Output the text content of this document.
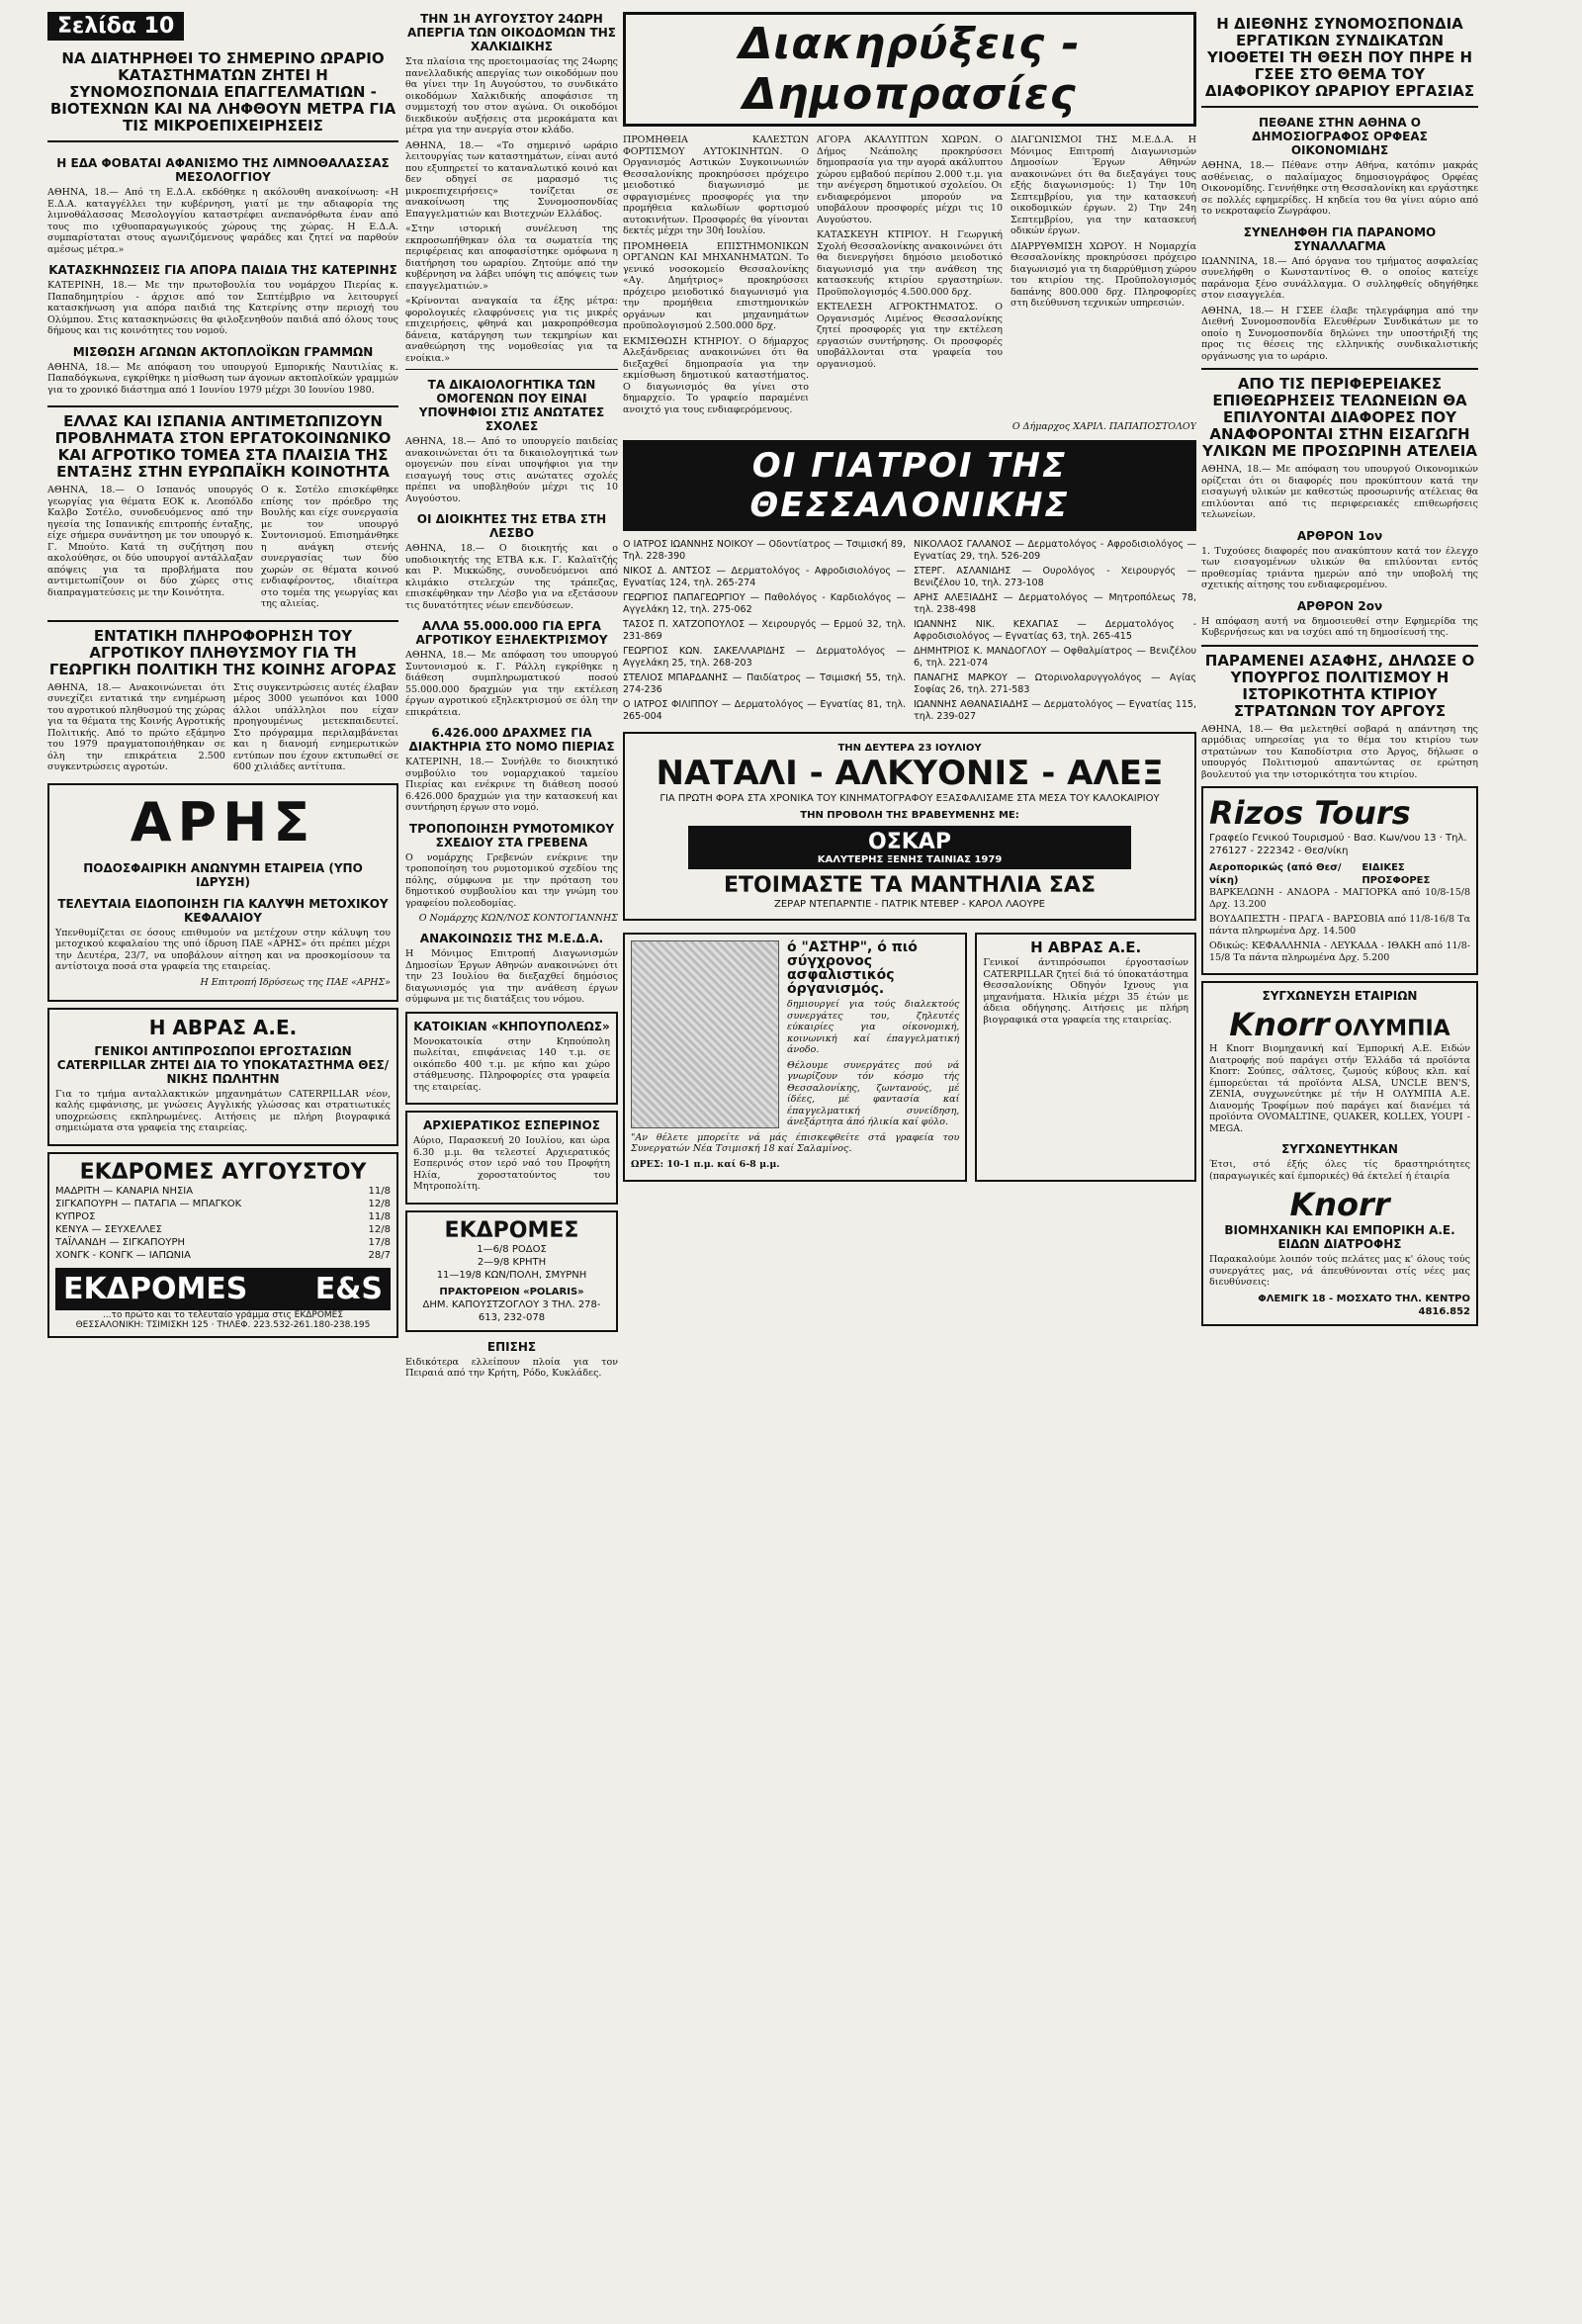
Σελίδα 10
ΝΑ ΔΙΑΤΗΡΗΘΕΙ ΤΟ ΣΗΜΕΡΙΝΟ ΩΡΑΡΙΟ ΚΑΤΑΣΤΗΜΑΤΩΝ ΖΗΤΕΙ Η ΣΥΝΟΜΟΣΠΟΝΔΙΑ ΕΠΑΓΓΕΛΜΑΤΙΩΝ - ΒΙΟΤΕΧΝΩΝ ΚΑΙ ΝΑ ΛΗΦΘΟΥΝ ΜΕΤΡΑ ΓΙΑ ΤΙΣ ΜΙΚΡΟΕΠΙΧΕΙΡΗΣΕΙΣ
Η ΕΔΑ ΦΟΒΑΤΑΙ ΑΦΑΝΙΣΜΟ ΤΗΣ ΛΙΜΝΟΘΑΛΑΣΣΑΣ ΜΕΣΟΛΟΓΓΙΟΥ

ΑΘΗΝΑ, 18.— Από τη Ε.Δ.Α. εκδόθηκε η ακόλουθη ανακοίνωση: «Η Ε.Δ.Α. καταγγέλλει την κυβέρνηση, γιατί με την αδιαφορία της λιμνοθάλασσας Μεσολογγίου καταστρέφει ανεπανόρθωτα έναν από τους πιο ιχθυοπαραγωγικούς χώρους της χώρας. Η Ε.Δ.Α. συμπαρίσταται στους αγωνιζόμενους ψαράδες και ζητεί να παρθούν αμέσως μέτρα.»

ΚΑΤΑΣΚΗΝΩΣΕΙΣ ΓΙΑ ΑΠΟΡΑ ΠΑΙΔΙΑ ΤΗΣ ΚΑΤΕΡΙΝΗΣ

ΚΑΤΕΡΙΝΗ, 18.— Με την πρωτοβουλία του νομάρχου Πιερίας κ. Παπαδημητρίου - άρχισε από τον Σεπτέμβριο να λειτουργεί κατασκήνωση για απόρα παιδιά της Κατερίνης στην περιοχή του Ολύμπου. Στις κατασκηνώσεις θα φιλοξενηθούν παιδιά από όλους τους δήμους και τις κοινότητες του νομού.

ΜΙΣΘΩΣΗ ΑΓΩΝΩΝ ΑΚΤΟΠΛΟΪΚΩΝ ΓΡΑΜΜΩΝ

ΑΘΗΝΑ, 18.— Με απόφαση του υπουργού Εμπορικής Ναυτιλίας κ. Παπαδόγκωνα, εγκρίθηκε η μίσθωση των άγονων ακτοπλοϊκών γραμμών για το χρονικό διάστημα από 1 Ιουνίου 1979 μέχρι 30 Ιουνίου 1980.

ΕΛΛΑΣ ΚΑΙ ΙΣΠΑΝΙΑ ΑΝΤΙΜΕΤΩΠΙΖΟΥΝ ΠΡΟΒΛΗΜΑΤΑ ΣΤΟΝ ΕΡΓΑΤΟΚΟΙΝΩΝΙΚΟ ΚΑΙ ΑΓΡΟΤΙΚΟ ΤΟΜΕΑ ΣΤΑ ΠΛΑΙΣΙΑ ΤΗΣ ΕΝΤΑΞΗΣ ΣΤΗΝ ΕΥΡΩΠΑΪΚΗ ΚΟΙΝΟΤΗΤΑ

ΑΘΗΝΑ, 18.— Ο Ισπανός υπουργός γεωργίας για θέματα ΕΟΚ κ. Λεοπόλδο Καλβο Σοτέλο, συνοδευόμενος από την ηγεσία της Ισπανικής επιτροπής ένταξης, είχε σήμερα συνάντηση με τον υπουργό κ. Γ. Μπούτο. Κατά τη συζήτηση που ακολούθησε, οι δύο υπουργοί αντάλλαξαν απόψεις για τα προβλήματα που αντιμετωπίζουν οι δύο χώρες στις διαπραγματεύσεις με την Κοινότητα.

Ο κ. Σοτέλο επισκέφθηκε επίσης τον πρόεδρο της Βουλής και είχε συνεργασία με τον υπουργό Συντονισμού. Επισημάνθηκε η ανάγκη στενής συνεργασίας των δύο χωρών σε θέματα κοινού ενδιαφέροντος, ιδιαίτερα στο τομέα της γεωργίας και της αλιείας.

ΕΝΤΑΤΙΚΗ ΠΛΗΡΟΦΟΡΗΣΗ ΤΟΥ ΑΓΡΟΤΙΚΟΥ ΠΛΗΘΥΣΜΟΥ ΓΙΑ ΤΗ ΓΕΩΡΓΙΚΗ ΠΟΛΙΤΙΚΗ ΤΗΣ ΚΟΙΝΗΣ ΑΓΟΡΑΣ

ΑΘΗΝΑ, 18.— Ανακοινώνεται ότι συνεχίζει εντατικά την ενημέρωση του αγροτικού πληθυσμού της χώρας για τα θέματα της Κοινής Αγροτικής Πολιτικής. Από το πρώτο εξάμηνο του 1979 πραγματοποιήθηκαν σε όλη την επικράτεια 2.500 συγκεντρώσεις αγροτών.

Στις συγκεντρώσεις αυτές έλαβαν μέρος 3000 γεωπόνοι και 1000 άλλοι υπάλληλοι που είχαν προηγουμένως μετεκπαιδευτεί. Στο πρόγραμμα περιλαμβάνεται και η διανομή ενημερωτικών εντύπων που έχουν εκτυπωθεί σε 600 χιλιάδες αντίτυπα.

ΑΡΗΣ
ΠΟΔΟΣΦΑΙΡΙΚΗ ΑΝΩΝΥΜΗ ΕΤΑΙΡΕΙΑ (ΥΠΟ ΙΔΡΥΣΗ)
ΤΕΛΕΥΤΑΙΑ ΕΙΔΟΠΟΙΗΣΗ ΓΙΑ ΚΑΛΥΨΗ ΜΕΤΟΧΙΚΟΥ ΚΕΦΑΛΑΙΟΥ

Υπενθυμίζεται σε όσους επιθυμούν να μετέχουν στην κάλυψη του μετοχικού κεφαλαίου της υπό ίδρυση ΠΑΕ «ΑΡΗΣ» ότι πρέπει μέχρι την Δευτέρα, 23/7, να υποβάλουν αίτηση και να προσκομίσουν τα αντίστοιχα ποσά στα γραφεία της εταιρείας.

Η Επιτροπή Ιδρύσεως της ΠΑΕ «ΑΡΗΣ»

Η ΑΒΡΑΣ Α.Ε.
ΓΕΝΙΚΟΙ ΑΝΤΙΠΡΟΣΩΠΟΙ ΕΡΓΟΣΤΑΣΙΩΝ CATERPILLAR ΖΗΤΕΙ ΔΙΑ ΤΟ ΥΠΟΚΑΤΑΣΤΗΜΑ ΘΕΣ/ΝΙΚΗΣ ΠΩΛΗΤΗΝ

Για το τμήμα ανταλλακτικών μηχανημάτων CATERPILLAR νέον, καλής εμφάνισης, με γνώσεις Αγγλικής γλώσσας και στρατιωτικές υποχρεώσεις εκπληρωμένες. Αιτήσεις με πλήρη βιογραφικά σημειώματα στα γραφεία της εταιρείας.

ΕΚΔΡΟΜΕΣ ΑΥΓΟΥΣΤΟΥ
ΜΑΔΡΙΤΗ — ΚΑΝΑΡΙΑ ΝΗΣΙΑ	11/8
ΣΙΓΚΑΠΟΥΡΗ — ΠΑΤΑΓΙΑ — ΜΠΑΓΚΟΚ	12/8
ΚΥΠΡΟΣ	11/8
ΚΕΝΥΑ — ΣΕΥΧΕΛΛΕΣ	12/8
ΤΑΪΛΑΝΔΗ — ΣΙΓΚΑΠΟΥΡΗ	17/8
ΧΟΝΓΚ - ΚΟΝΓΚ — ΙΑΠΩΝΙΑ	28/7
ΕΚΔΡΟΜΕS E&S
...το πρώτο και το τελευταίο γράμμα στις ΕΚΔΡΟΜΕΣ
ΘΕΣΣΑΛΟΝΙΚΗ: ΤΣΙΜΙΣΚΗ 125 · ΤΗΛΕΦ. 223.532-261.180-238.195
ΤΗΝ 1Η ΑΥΓΟΥΣΤΟΥ 24ΩΡΗ ΑΠΕΡΓΙΑ ΤΩΝ ΟΙΚΟΔΟΜΩΝ ΤΗΣ ΧΑΛΚΙΔΙΚΗΣ

Στα πλαίσια της προετοιμασίας της 24ωρης πανελλαδικής απεργίας των οικοδόμων που θα γίνει την 1η Αυγούστου, το συνδικάτο οικοδόμων Χαλκιδικής αποφάσισε τη συμμετοχή του στον αγώνα. Οι οικοδόμοι διεκδικούν αυξήσεις στα μεροκάματα και μέτρα για την ανεργία στον κλάδο.

ΑΘΗΝΑ, 18.— «Το σημερινό ωράριο λειτουργίας των καταστημάτων, είναι αυτό που εξυπηρετεί το καταναλωτικό κοινό και δεν οδηγεί σε μαρασμό τις μικροεπιχειρήσεις» τονίζεται σε ανακοίνωση της Συνομοσπονδίας Επαγγελματιών και Βιοτεχνών Ελλάδος.

«Στην ιστορική συνέλευση της εκπροσωπήθηκαν όλα τα σωματεία της περιφέρειας και αποφασίστηκε ομόφωνα η διατήρηση του ωραρίου. Ζητούμε από την κυβέρνηση να λάβει υπόψη τις απόψεις των επαγγελματιών.»

«Κρίνονται αναγκαία τα έξης μέτρα: φορολογικές ελαφρύνσεις για τις μικρές επιχειρήσεις, φθηνά και μακροπρόθεσμα δάνεια, κατάργηση των τεκμηρίων και αναθεώρηση της νομοθεσίας για τα ενοίκια.»

ΤΑ ΔΙΚΑΙΟΛΟΓΗΤΙΚΑ ΤΩΝ ΟΜΟΓΕΝΩΝ ΠΟΥ ΕΙΝΑΙ ΥΠΟΨΗΦΙΟΙ ΣΤΙΣ ΑΝΩΤΑΤΕΣ ΣΧΟΛΕΣ

ΑΘΗΝΑ, 18.— Από το υπουργείο παιδείας ανακοινώνεται ότι τα δικαιολογητικά των ομογενών που είναι υποψήφιοι για την εισαγωγή τους στις ανώτατες σχολές πρέπει να υποβληθούν μέχρι τις 10 Αυγούστου.

ΟΙ ΔΙΟΙΚΗΤΕΣ ΤΗΣ ΕΤΒΑ ΣΤΗ ΛΕΣΒΟ

ΑΘΗΝΑ, 18.— Ο διοικητής και ο υποδιοικητής της ΕΤΒΑ κ.κ. Γ. Καλαϊτζής και Ρ. Μικκώδης, συνοδευόμενοι από κλιμάκιο στελεχών της τράπεζας, επισκέφθηκαν την Λέσβο για να εξετάσουν τις δυνατότητες νέων επενδύσεων.

ΑΛΛΑ 55.000.000 ΓΙΑ ΕΡΓΑ ΑΓΡΟΤΙΚΟΥ ΕΞΗΛΕΚΤΡΙΣΜΟΥ

ΑΘΗΝΑ, 18.— Με απόφαση του υπουργού Συντονισμού κ. Γ. Ράλλη εγκρίθηκε η διάθεση συμπληρωματικού ποσού 55.000.000 δραχμών για την εκτέλεση έργων αγροτικού εξηλεκτρισμού σε όλη την επικράτεια.

6.426.000 ΔΡΑΧΜΕΣ ΓΙΑ ΔΙΑΚΤΗΡΙΑ ΣΤΟ ΝΟΜΟ ΠΙΕΡΙΑΣ

ΚΑΤΕΡΙΝΗ, 18.— Συνήλθε το διοικητικό συμβούλιο του νομαρχιακού ταμείου Πιερίας και ενέκρινε τη διάθεση ποσού 6.426.000 δραχμών για την κατασκευή και συντήρηση έργων στο νομό.

ΤΡΟΠΟΠΟΙΗΣΗ ΡΥΜΟΤΟΜΙΚΟΥ ΣΧΕΔΙΟΥ ΣΤΑ ΓΡΕΒΕΝΑ

Ο νομάρχης Γρεβενών ενέκρινε την τροποποίηση του ρυμοτομικού σχεδίου της πόλης, σύμφωνα με την πρόταση του δημοτικού συμβουλίου και την γνώμη του γραφείου πολεοδομίας.

Ο Νομάρχης ΚΩΝ/ΝΟΣ ΚΟΝΤΟΓΙΑΝΝΗΣ

ΑΝΑΚΟΙΝΩΣΙΣ ΤΗΣ Μ.Ε.Δ.Α.

Η Μόνιμος Επιτροπή Διαγωνισμών Δημοσίων Έργων Αθηνών ανακοινώνει ότι την 23 Ιουλίου θα διεξαχθεί δημόσιος διαγωνισμός για την ανάθεση έργων σύμφωνα με τις διατάξεις του νόμου.

ΚΑΤΟΙΚΙΑΝ «ΚΗΠΟΥΠΟΛΕΩΣ»

Μονοκατοικία στην Κηπούπολη πωλείται, επιφάνειας 140 τ.μ. σε οικόπεδο 400 τ.μ. με κήπο και χώρο στάθμευσης. Πληροφορίες στα γραφεία της εταιρείας.

ΑΡΧΙΕΡΑΤΙΚΟΣ ΕΣΠΕΡΙΝΟΣ

Αύριο, Παρασκευή 20 Ιουλίου, και ώρα 6.30 μ.μ. θα τελεστεί Αρχιερατικός Εσπερινός στον ιερό ναό του Προφήτη Ηλία, χοροστατούντος του Μητροπολίτη.

ΕΚΔΡΟΜΕΣ
1—6/8 ΡΟΔΟΣ
2—9/8 ΚΡΗΤΗ
11—19/8 ΚΩΝ/ΠΟΛΗ, ΣΜΥΡΝΗ
ΠΡΑΚΤΟΡΕΙΟΝ «POLARIS»
ΔΗΜ. ΚΑΠΟΥΣΤΖΟΓΛΟΥ 3 ΤΗΛ. 278-613, 232-078
ΕΠΙΣΗΣ

Ειδικότερα ελλείπουν πλοία για τον Πειραιά από την Κρήτη, Ρόδο, Κυκλάδες.

Διακηρύξεις - Δημοπρασίες

ΠΡΟΜΗΘΕΙΑ ΚΑΛΕΣΤΩΝ ΦΟΡΤΙΣΜΟΥ ΑΥΤΟΚΙΝΗΤΩΝ. Ο Οργανισμός Αστικών Συγκοινωνιών Θεσσαλονίκης προκηρύσσει πρόχειρο μειοδοτικό διαγωνισμό με σφραγισμένες προσφορές για την προμήθεια καλωδίων φορτισμού αυτοκινήτων. Προσφορές θα γίνονται δεκτές μέχρι την 30ή Ιουλίου.

ΠΡΟΜΗΘΕΙΑ ΕΠΙΣΤΗΜΟΝΙΚΩΝ ΟΡΓΑΝΩΝ ΚΑΙ ΜΗΧΑΝΗΜΑΤΩΝ. Το γενικό νοσοκομείο Θεσσαλονίκης «Αγ. Δημήτριος» προκηρύσσει πρόχειρο μειοδοτικό διαγωνισμό για την προμήθεια επιστημονικών οργάνων και μηχανημάτων προϋπολογισμού 2.500.000 δρχ.

ΕΚΜΙΣΘΩΣΗ ΚΤΗΡΙΟΥ. Ο δήμαρχος Αλεξάνδρειας ανακοινώνει ότι θα διεξαχθεί δημοπρασία για την εκμίσθωση δημοτικού καταστήματος. Ο διαγωνισμός θα γίνει στο δημαρχείο. Το γραφείο παραμένει ανοιχτό για τους ενδιαφερόμενους.

ΑΓΟΡΑ ΑΚΑΛΥΠΤΩΝ ΧΩΡΩΝ. Ο Δήμος Νεάπολης προκηρύσσει δημοπρασία για την αγορά ακάλυπτου χώρου εμβαδού περίπου 2.000 τ.μ. για την ανέγερση δημοτικού σχολείου. Οι ενδιαφερόμενοι μπορούν να υποβάλουν προσφορές μέχρι τις 10 Αυγούστου.

ΚΑΤΑΣΚΕΥΗ ΚΤΙΡΙΟΥ. Η Γεωργική Σχολή Θεσσαλονίκης ανακοινώνει ότι θα διενεργήσει δημόσιο μειοδοτικό διαγωνισμό για την ανάθεση της κατασκευής κτιρίου εργαστηρίων. Προϋπολογισμός 4.500.000 δρχ.

ΕΚΤΕΛΕΣΗ ΑΓΡΟΚΤΗΜΑΤΟΣ. Ο Οργανισμός Λιμένος Θεσσαλονίκης ζητεί προσφορές για την εκτέλεση εργασιών συντήρησης. Οι προσφορές υποβάλλονται στα γραφεία του οργανισμού.

ΔΙΑΓΩΝΙΣΜΟΙ ΤΗΣ Μ.Ε.Δ.Α. Η Μόνιμος Επιτροπή Διαγωνισμών Δημοσίων Έργων Αθηνών ανακοινώνει ότι θα διεξαγάγει τους εξής διαγωνισμούς: 1) Την 10η Σεπτεμβρίου, για την κατασκευή οικοδομικών έργων. 2) Την 24η Σεπτεμβρίου, για την κατασκευή οδικών έργων.

ΔΙΑΡΡΥΘΜΙΣΗ ΧΩΡΟΥ. Η Νομαρχία Θεσσαλονίκης προκηρύσσει πρόχειρο διαγωνισμό για τη διαρρύθμιση χώρου του κτιρίου της. Προϋπολογισμός δαπάνης 800.000 δρχ. Πληροφορίες στη διεύθυνση τεχνικών υπηρεσιών.

Ο Δήμαρχος ΧΑΡΙΛ. ΠΑΠΑΠΟΣΤΟΛΟΥ

ΟΙ ΓΙΑΤΡΟΙ ΤΗΣ ΘΕΣΣΑΛΟΝΙΚΗΣ

Ο ΙΑΤΡΟΣ ΙΩΑΝΝΗΣ ΝΟΙΚΟΥ — Οδοντίατρος — Τσιμισκή 89, Τηλ. 228-390

ΝΙΚΟΣ Δ. ΑΝΤΣΟΣ — Δερματολόγος - Αφροδισιολόγος — Εγνατίας 124, τηλ. 265-274

ΓΕΩΡΓΙΟΣ ΠΑΠΑΓΕΩΡΓΙΟΥ — Παθολόγος - Καρδιολόγος — Αγγελάκη 12, τηλ. 275-062

ΤΑΣΟΣ Π. ΧΑΤΖΟΠΟΥΛΟΣ — Χειρουργός — Ερμού 32, τηλ. 231-869

ΓΕΩΡΓΙΟΣ ΚΩΝ. ΣΑΚΕΛΛΑΡΙΔΗΣ — Δερματολόγος — Αγγελάκη 25, τηλ. 268-203

ΣΤΕΛΙΟΣ ΜΠΑΡΔΑΝΗΣ — Παιδίατρος — Τσιμισκή 55, τηλ. 274-236

Ο ΙΑΤΡΟΣ ΦΙΛΙΠΠΟΥ — Δερματολόγος — Εγνατίας 81, τηλ. 265-004

ΝΙΚΟΛΑΟΣ ΓΑΛΑΝΟΣ — Δερματολόγος - Αφροδισιολόγος — Εγνατίας 29, τηλ. 526-209

ΣΤΕΡΓ. ΑΣΛΑΝΙΔΗΣ — Ουρολόγος - Χειρουργός — Βενιζέλου 10, τηλ. 273-108

ΑΡΗΣ ΑΛΕΞΙΑΔΗΣ — Δερματολόγος — Μητροπόλεως 78, τηλ. 238-498

ΙΩΑΝΝΗΣ ΝΙΚ. ΚΕΧΑΓΙΑΣ — Δερματολόγος - Αφροδισιολόγος — Εγνατίας 63, τηλ. 265-415

ΔΗΜΗΤΡΙΟΣ Κ. ΜΑΝΔΟΓΛΟΥ — Οφθαλμίατρος — Βενιζέλου 6, τηλ. 221-074

ΠΑΝΑΓΗΣ ΜΑΡΚΟΥ — Ωτορινολαρυγγολόγος — Αγίας Σοφίας 26, τηλ. 271-583

ΙΩΑΝΝΗΣ ΑΘΑΝΑΣΙΑΔΗΣ — Δερματολόγος — Εγνατίας 115, τηλ. 239-027

ΤΗΝ ΔΕΥΤΕΡΑ 23 ΙΟΥΛΙΟΥ
ΝΑΤΑΛΙ - ΑΛΚΥΟΝΙΣ - ΑΛΕΞ
ΓΙΑ ΠΡΩΤΗ ΦΟΡΑ ΣΤΑ ΧΡΟΝΙΚΑ ΤΟΥ ΚΙΝΗΜΑΤΟΓΡΑΦΟΥ ΕΞΑΣΦΑΛΙΣΑΜΕ ΣΤΑ ΜΕΣΑ ΤΟΥ ΚΑΛΟΚΑΙΡΙΟΥ
ΤΗΝ ΠΡΟΒΟΛΗ ΤΗΣ ΒΡΑΒΕΥΜΕΝΗΣ ΜΕ:
ΟΣΚΑΡ
ΚΑΛΥΤΕΡΗΣ ΞΕΝΗΣ ΤΑΙΝΙΑΣ 1979
ΕΤΟΙΜΑΣΤΕ ΤΑ ΜΑΝΤΗΛΙΑ ΣΑΣ
ΖΕΡΑΡ ΝΤΕΠΑΡΝΤΙΕ - ΠΑΤΡΙΚ ΝΤΕΒΕΡ - ΚΑΡΟΛ ΛΑΟΥΡΕ
ό "ΑΣΤΗΡ", ό πιό σύγχρονος ασφαλιστικός όργανισμός.

δημιουργεί για τούς διαλεκτούς συνεργάτες του, ζηλευτές εύκαιρίες για οίκονομική, κοινωνική καί έπαγγελματική άνοδο.

Θέλουμε συνεργάτες πού νά γνωρίζουν τόν κόσμο τής Θεσσαλονίκης, ζωντανούς, μέ ίδέες, μέ φαντασία καί έπαγγελματική συνείδηση, άνεξάρτητα άπό ήλικία καί φύλο.

"Αν θέλετε μπορείτε νά μάς έπισκεφθείτε στά γραφεία του Συνεργατών Νέα Τσιμισκή 18 καί Σαλαμίνος.

ΩΡΕΣ: 10-1 π.μ. καί 6-8 μ.μ.

Η ΑΒΡΑΣ Α.Ε.

Γενικοί άντιπρόσωποι έργοστασίων CATERPILLAR ζητεί διά τό ύποκατάστημα Θεσσαλονίκης Οδηγόν Ιχνους για μηχανήματα. Ηλικία μέχρι 35 έτών με άδεια οδήγησης. Αιτήσεις με πλήρη βιογραφικά στα γραφεία της εταιρείας.

Η ΔΙΕΘΝΗΣ ΣΥΝΟΜΟΣΠΟΝΔΙΑ ΕΡΓΑΤΙΚΩΝ ΣΥΝΔΙΚΑΤΩΝ ΥΙΟΘΕΤΕΙ ΤΗ ΘΕΣΗ ΠΟΥ ΠΗΡΕ Η ΓΣΕΕ ΣΤΟ ΘΕΜΑ ΤΟΥ ΔΙΑΦΟΡΙΚΟΥ ΩΡΑΡΙΟΥ ΕΡΓΑΣΙΑΣ
ΠΕΘΑΝΕ ΣΤΗΝ ΑΘΗΝΑ Ο ΔΗΜΟΣΙΟΓΡΑΦΟΣ ΟΡΦΕΑΣ ΟΙΚΟΝΟΜΙΔΗΣ

ΑΘΗΝΑ, 18.— Πέθανε στην Αθήνα, κατόπιν μακράς ασθένειας, ο παλαίμαχος δημοσιογράφος Ορφέας Οικονομίδης. Γεννήθηκε στη Θεσσαλονίκη και εργάστηκε σε πολλές εφημερίδες. Η κηδεία του θα γίνει αύριο από το νεκροταφείο Ζωγράφου.

ΣΥΝΕΛΗΦΘΗ ΓΙΑ ΠΑΡΑΝΟΜΟ ΣΥΝΑΛΛΑΓΜΑ

ΙΩΑΝΝΙΝΑ, 18.— Από όργανα του τμήματος ασφαλείας συνελήφθη ο Κωνσταντίνος Θ. ο οποίος κατείχε παράνομα ξένο συνάλλαγμα. Ο συλληφθείς οδηγήθηκε στον εισαγγελέα.

ΑΘΗΝΑ, 18.— Η ΓΣΕΕ έλαβε τηλεγράφημα από την Διεθνή Συνομοσπονδία Ελευθέρων Συνδικάτων με το οποίο η Συνομοσπονδία δηλώνει την υποστήριξή της προς τις θέσεις της ελληνικής συνδικαλιστικής οργάνωσης για το ωράριο.

ΑΠΟ ΤΙΣ ΠΕΡΙΦΕΡΕΙΑΚΕΣ ΕΠΙΘΕΩΡΗΣΕΙΣ ΤΕΛΩΝΕΙΩΝ ΘΑ ΕΠΙΛΥΟΝΤΑΙ ΔΙΑΦΟΡΕΣ ΠΟΥ ΑΝΑΦΟΡΟΝΤΑΙ ΣΤΗΝ ΕΙΣΑΓΩΓΗ ΥΛΙΚΩΝ ΜΕ ΠΡΟΣΩΡΙΝΗ ΑΤΕΛΕΙΑ

ΑΘΗΝΑ, 18.— Με απόφαση του υπουργού Οικονομικών ορίζεται ότι οι διαφορές που προκύπτουν κατά την εισαγωγή υλικών με καθεστώς προσωρινής ατέλειας θα επιλύονται από τις περιφερειακές επιθεωρήσεις τελωνείων.

ΑΡΘΡΟΝ 1ον

1. Τυχούσες διαφορές που ανακύπτουν κατά τον έλεγχο των εισαγομένων υλικών θα επιλύονται εντός προθεσμίας τριάντα ημερών από την υποβολή της σχετικής αίτησης του ενδιαφερομένου.

ΑΡΘΡΟΝ 2ον

Η απόφαση αυτή να δημοσιευθεί στην Εφημερίδα της Κυβερνήσεως και να ισχύει από τη δημοσίευσή της.

ΠΑΡΑΜΕΝΕΙ ΑΣΑΦΗΣ, ΔΗΛΩΣΕ Ο ΥΠΟΥΡΓΟΣ ΠΟΛΙΤΙΣΜΟΥ Η ΙΣΤΟΡΙΚΟΤΗΤΑ ΚΤΙΡΙΟΥ ΣΤΡΑΤΩΝΩΝ ΤΟΥ ΑΡΓΟΥΣ

ΑΘΗΝΑ, 18.— Θα μελετηθεί σοβαρά η απάντηση της αρμόδιας υπηρεσίας για το θέμα του κτιρίου των στρατώνων του Καποδίστρια στο Άργος, δήλωσε ο υπουργός Πολιτισμού απαντώντας σε ερώτηση βουλευτού για την ιστορικότητα του κτιρίου.

Rizos Tours
Γραφείο Γενικού Τουρισμού · Βασ. Κων/νου 13 · Τηλ. 276127 - 222342 - Θεσ/νίκη
Αεροπορικώς (από Θεσ/νίκη)
ΕΙΔΙΚΕΣ ΠΡΟΣΦΟΡΕΣ

ΒΑΡΚΕΛΩΝΗ - ΑΝΔΟΡΑ - ΜΑΓΙΟΡΚΑ από 10/8-15/8 Δρχ. 13.200

ΒΟΥΔΑΠΕΣΤΗ - ΠΡΑΓΑ - ΒΑΡΣΟΒΙΑ από 11/8-16/8 Τα πάντα πληρωμένα Δρχ. 14.500

Οδικώς: ΚΕΦΑΛΛΗΝΙΑ - ΛΕΥΚΑΔΑ - ΙΘΑΚΗ από 11/8-15/8 Τα πάντα πληρωμένα Δρχ. 5.200

ΣΥΓΧΩΝΕΥΣΗ ΕΤΑΙΡΙΩΝ
Knorr ΟΛΥΜΠΙΑ

Η Knorr Βιομηχανική καί Έμπορική Α.Ε. Ειδών Διατροφής πού παράγει στήν Έλλάδα τά προϊόντα Knorr: Σούπες, σάλτσες, ζωμούς κύβους κλπ. καί έμπορεύεται τά προϊόντα ALSA, UNCLE BEN'S, ZENIA, συγχωνεύτηκε μέ τήν Η ΟΛΥΜΠΙΑ Α.Ε. Διανομής Τροφίμων πού παράγει καί διανέμει τά προϊόντα OVOMALTINE, QUAKER, KOLLEX, YOUPI - MEGA.

ΣΥΓΧΩΝΕΥΤΗΚΑΝ

Έτσι, στό έξής όλες τίς δραστηριότητες (παραγωγικές καί έμπορικές) θά έκτελεί ή έταιρία

Knorr
ΒΙΟΜΗΧΑΝΙΚΗ ΚΑΙ ΕΜΠΟΡΙΚΗ Α.Ε. ΕΙΔΩΝ ΔΙΑΤΡΟΦΗΣ

Παρακαλούμε λοιπόν τούς πελάτες μας κ' όλους τούς συνεργάτες μας, νά άπευθύνονται στίς νέες μας διευθύνσεις:

ΦΛΕΜΙΓΚ 18 - ΜΟΣΧΑΤΟ ΤΗΛ. ΚΕΝΤΡΟ 4816.852
